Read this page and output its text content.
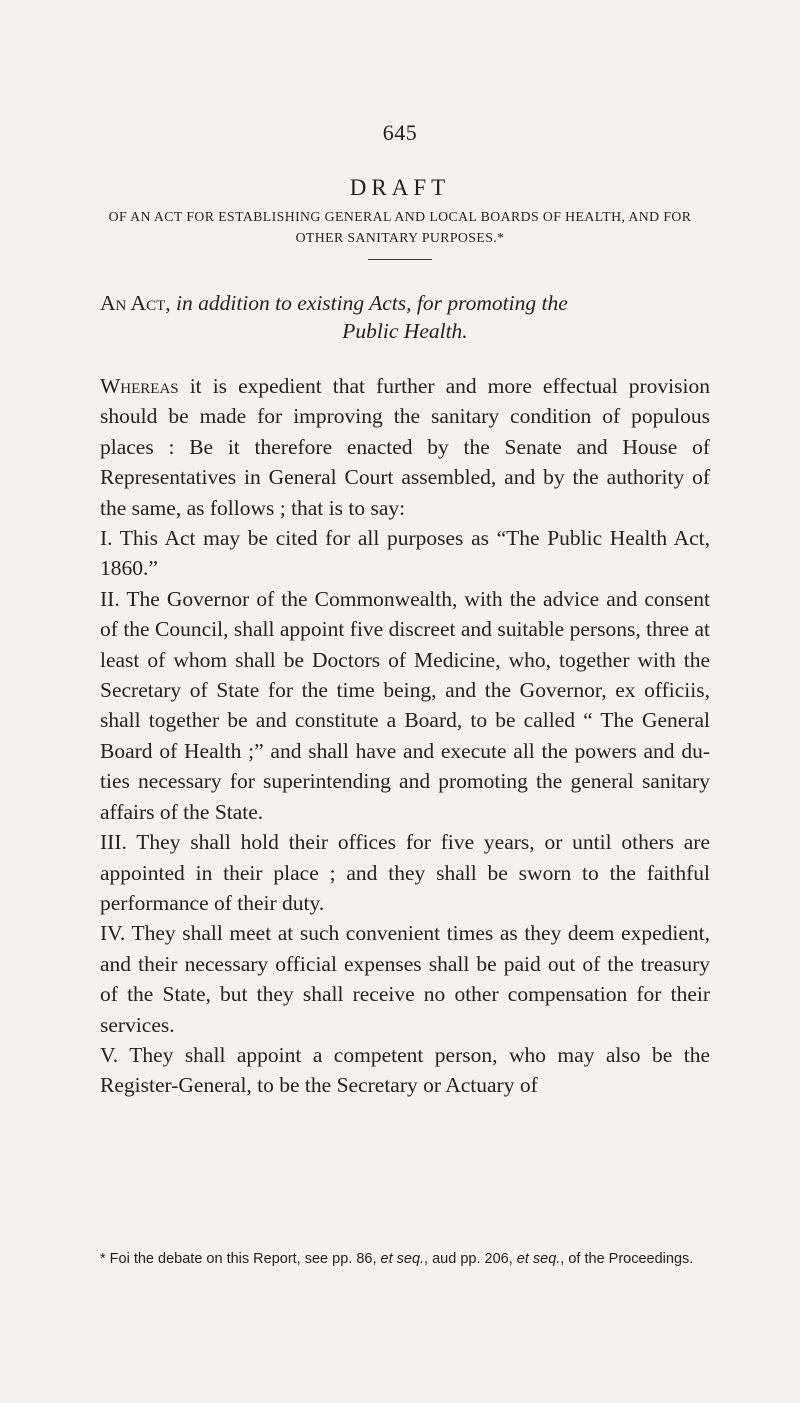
645
DRAFT

OF AN ACT FOR ESTABLISHING GENERAL AND LOCAL BOARDS OF HEALTH, AND FOR OTHER SANITARY PURPOSES.*

An Act, in addition to existing Acts, for promoting the
Public Health.

Whereas it is expedient that further and more effectual provision should be made for improving the sanitary condition of populous places : Be it therefore enacted by the Senate and House of Representatives in General Court assembled, and by the authority of the same, as follows ; that is to say:

I. This Act may be cited for all purposes as “The Public Health Act, 1860.”

II. The Governor of the Commonwealth, with the advice and consent of the Council, shall appoint five discreet and suitable persons, three at least of whom shall be Doctors of Medicine, who, together with the Secretary of State for the time being, and the Governor, ex officiis, shall together be and constitute a Board, to be called “ The General Board of Health ;” and shall have and execute all the powers and du-ties necessary for superintending and promoting the general sanitary affairs of the State.

III. They shall hold their offices for five years, or until others are appointed in their place ; and they shall be sworn to the faithful performance of their duty.

IV. They shall meet at such convenient times as they deem expedient, and their necessary official expenses shall be paid out of the treasury of the State, but they shall receive no other compensation for their services.

V. They shall appoint a competent person, who may also be the Register-General, to be the Secretary or Actuary of

* Foi the debate on this Report, see pp. 86, et seq., aud pp. 206, et seq., of the Proceedings.
